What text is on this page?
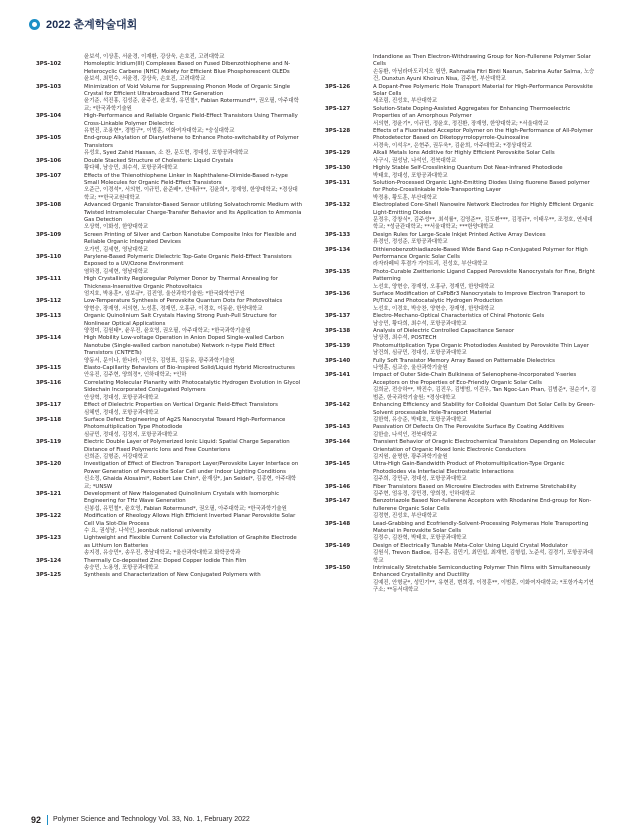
2022 춘계학술대회
윤보석, 이상훈, 서윤경, 이재환, 강상욱, 손호진, 고려대학교
3PS-102	Homoleptic Iridium(III) Complexes Based on Fused Dibenzothiophene and N-Heterocyclic Carbene (NHC) Moiety for Efficient Blue Phosphorescent OLEDs
윤보석, 최민수, 서윤경, 강상욱, 손호진, 고려대학교
3PS-103	Minimization of Void Volume for Suppressing Phonon Mode of Organic Single Crystal for Efficient Ultrabroadband THz Generation
윤기준, 석진홍, 김성준, 윤주선, 윤호영, 유민철*, Fabian Rotermund**, 권오필, 아주대학교; *한국과학기술원
3PS-104	High-Performance and Reliable Organic Field-Effect Transistors Using Thermally Cross-Linkable Polymer Dielectric
유현진, 조용현*, 경범구*, 이범훈, 이화여자대학교; *숭실대학교
3PS-105	End-group Alkylation of Diarylethene to Enhance Photo-switchability of Polymer Transistors
유성호, Syed Zahid Hassan, 소 찬, 문도현, 정대성, 포항공과대학교
3PS-106	Double Stacked Structure of Cholesteric Liquid Crystals
황다혜, 남승민, 최수석, 포항공과대학교
3PS-107	Effects of the Thienothiophene Linker in Naphthalene-Diimide-Based n-type Small Molecules for Organic Field-Effect Transistors
오준근, 이경석*, 서의현, 이규민, 윤준배*, 안태규**, 김윤희*, 정재영, 한양대학교; *경상대학교; **한국교원대학교
3PS-108	Advanced Organic Transistor-Based Sensor utilizing Solvatochromic Medium with Twisted Intramolecular Charge-Transfer Behavior and Its Application to Ammonia Gas Detection
오상혁, 이화성, 한양대학교
3PS-109	Screen Printing of Silver and Carbon Nanotube Composite Inks for Flexible and Reliable Organic Integrated Devices
오가빈, 김세현, 영남대학교
3PS-110	Parylene-Based Polymeric Dielectric Top-Gate Organic Field-Effect Transistors Exposed to a UV/Ozone Environment
염하경, 김세현, 영남대학교
3PS-111	High Crystallinity Regioregular Polymer Donor by Thermal Annealing for Thickness-Insensitive Organic Photovoltaics
엄지호, 박용훈*, 임보규*, 김진영, 울산과학기술원; *한국화학연구원
3PS-112	Low-Temperature Synthesis of Perovskite Quantum Dots for Photovoltaics
양현승, 장재영, 서의현, 노성훈, 정재민, 오홍규, 이경호, 이동윤, 한양대학교
3PS-113	Organic Quinolinium Salt Crystals Having Strong Push-Pull Structure for Nonlinear Optical Applications
양정미, 김원태*, 윤우진, 윤호영, 권오필, 아주대학교; *한국과학기술원
3PS-114	High Mobility Low-voltage Operation in Anion Doped Single-walled Carbon Nanotube (Single-walled carbon nanotube) Network n-type Field Effect Transistors (CNTFETs)
양동서, 문이나, 한나라, 이민우, 김영표, 김동유, 광주과학기술원
3PS-115	Elasto-Capillarity Behaviors of Bio-Inspired Solid/Liquid Hybrid Microstructures
안유진, 김주현, 양희정*, 인하대학교; *인하
3PS-116	Correlating Molecular Planarity with Photocatalytic Hydrogen Evolution in Glycol Sidechain Incorporated Conjugated Polymers
안상혁, 정대성, 포항공과대학교
3PS-117	Effect of Dielectric Properties on Vertical Organic Field-Effect Transistors
심혜빈, 정대성, 포항공과대학교
3PS-118	Surface Defect Engineering of Ag2S Nanocrystal Toward High-Performance Photomultiplication Type Photodiode
심규민, 정대성, 김정지, 포항공과대학교
3PS-119	Electric Double Layer of Polymerized Ionic Liquid: Spatial Charge Separation Distance of Fixed Polymeric Ions and Free Counterions
신희준, 김형준, 서강대학교
3PS-120	Investigation of Effect of Electron Transport Layer/Perovskite Layer Interface on Power Generation of Perovskite Solar Cell under Indoor Lighting Conditions
신소정, Ghaida Alosaimi*, Robert Lee Chin*, 윤재상*, Jan Seidel*, 김종현, 아주대학교; *UNSW
3PS-121	Development of New Halogenated Quinolinium Crystals with Isomorphic Engineering for THz Wave Generation
신봉섭, 유민철*, 윤호영, Fabian Rotermund*, 권오필, 아주대학교; *한국과학기술원
3PS-122	Modification of Rheology Allows High Efficient Inverted Planar Perovskite Solar Cell Via Slot-Die Process
수 요, 권성남, 나석인, Jeonbuk national university
3PS-123	Lightweight and Flexible Current Collector via Exfoliation of Graphite Electrode as Lithium Ion Batteries
송지경, 유승민*, 송우진, 충남대학교; *울산과학대학교 화학공학과
3PS-124	Thermally Co-deposited Zinc Doped Copper Iodide Thin Film
송승민, 노용영, 포항공과대학교
3PS-125	Synthesis and Characterization of New Conjugated Polymers with
Indandione as Then Electron-Withdrawing Group for Non-Fullerene Polymer Solar Cells
손동환, 아님라마도리지오 험만, Rahmatia Fitri Binti Nasrun, Sabrina Aufar Salma, 노승건, Ounxtun Ayuni Khoirun Nisa, 김주현, 부산대학교
3PS-126	A Dopant-Free Polymeric Hole Transport Material for High-Performance Perovskite Solar Cells
세조림, 진성호, 부산대학교
3PS-127	Solution-State Doping-Assisted Aggregates for Enhancing Thermoelectric Properties of an Amorphous Polymer
서의현, 정윤기*, 이규민, 정윤호, 정진환, 장재영, 한양대학교; *서울대학교
3PS-128	Effects of a Fluorinated Acceptor Polymer on the High-Performance of All-Polymer Photodetector Based on Diketopyrrolopyrrole-Quinoxaline
서경욱, 이석우*, 은현주, 권두욱*, 김윤희, 아주대학교; *경상대학교
3PS-129	Alkali Metals Ions Additive for Highly Efficient Perovskite Solar Cells
사구시, 권성남, 나석인, 전북대학교
3PS-130	Highly Stable Self-Crosslinking Quantum Dot Near-infrared Photodiode
박태호, 정대성, 포항공과대학교
3PS-131	Solution-Processed Organic Light-Emitting Diodes Using fluorene Based polymer for Photo-Crosslinkable Hole-Transporting Layer
박정용, 황도훈, 부산대학교
3PS-132	Electroplated Core-Shell Nanowire Network Electrodes for Highly Efficient Organic Light-Emitting Diodes
문정우, 강창식*, 김주성**, 최석률*, 김영준**, 김도환***, 김정규*, 이태우**, 조정호, 연세대학교; *성균관대학교; **서울대학교; ***한양대학교
3PS-133	Design Rules for Large-Scale Inkjet Printed Active Array Devices
류경인, 정성준, 포항공과대학교
3PS-134	Dithienobenzothiadiazole-Based Wide Band Gap π-Conjugated Polymer for High Performance Organic Solar Cells
라자라페티 후겸가 가야트리, 진성호, 부산대학교
3PS-135	Photo-Curable Zwitterionic Ligand Capped Perovskite Nanocrystals for Fine, Bright Patterning
노선호, 양현승, 장재영, 오홍규, 정재민, 한양대학교
3PS-136	Surface Modification of CsPbBr3 Nanocrystals to Improve Electron Transport to Pt/TiO2 and Photocatalytic Hydrogen Production
노선호, 이경호, 박승찬, 양현승, 장재영, 한양대학교
3PS-137	Electro-Mechano-Optical Characteristics of Chiral Photonic Gels
남승민, 황다희, 최수석, 포항공과대학교
3PS-138	Analysis of Dielectric Controlled Capacitance Sensor
남상경, 최수석, POSTECH
3PS-139	Photomultiplication Type Organic Photodiodes Assisted by Perovskite Thin Layer
남건희, 심규민, 정대성, 포항공과대학교
3PS-140	Fully Soft Transistor Memory Array Based on Patternable Dielectrics
나영훈, 심교승, 울산과학기술원
3PS-141	Impact of Outer Side-Chain Bulkiness of Selenophene-Incorporated Y-series Acceptors on the Properties of Eco-Friendly Organic Solar Cells
김희균, 전승하**, 박진수, 김진우, 김병범, 이진우, Tan Ngoc-Lan Phan, 김범준*, 권순기*, 김범준, 한국과학기술원; *경상대학교
3PS-142	Enhancing Efficiency and Stability for Colloidal Quantum Dot Solar Cells by Green-Solvent processable Hole-Transport Material
김한혁, 유승준, 박태호, 포항공과대학교
3PS-143	Passivation Of Defects On The Perovskite Surface By Coating Additives
김한슬, 나석인, 전북대학교
3PS-144	Transient Behavior of Oragnic Electrochemical Transistors Depending on Molecular Orientation of Organic Mixed Ionic Electronic Conductors
김지원, 윤명한, 광주과학기술원
3PS-145	Ultra-High Gain-Bandwidth Product of Photomultiplication-Type Organic Photodiodes via Interfacial Electrostatic Interactions
김주희, 강민규, 정대성, 포항공과대학교
3PS-146	Fiber Transistors Based on Microwire Electrodes with Extreme Stretchability
김주현, 엄유정, 강민경, 양희정, 인하대학교
3PS-147	Benzotriazole Based Non-fullerene Acceptors with Rhodanine End-group for Non-fullerene Organic Solar Cells
김정현, 진성호, 부산대학교
3PS-148	Lead-Grabbing and Ecofriendly-Solvent-Processing Polymeras Hole Transporting Material in Perovskite Solar Cells
김정수, 김찬혁, 박태호, 포항공과대학교
3PS-149	Design of Electrically Tunable Meta-Color Using Liquid Crystal Modulator
김원식, Trevon Badloe, 김주훈, 김민기, 최민섭, 최재현, 김형섭, 노준석, 김경기, 포항공과대학교
3PS-150	Intrinsically Stretchable Semiconducting Polymer Thin Films with Simultaneously Enhanced Crystallinity and Ductility
김예진, 안형균*, 성민기**, 유현진, 변희경, 이정훈**, 이범훈, 이화여자대학교; *포항가속기연구소; **동서대학교
92 Polymer Science and Technology Vol. 33, No. 1, February 2022
